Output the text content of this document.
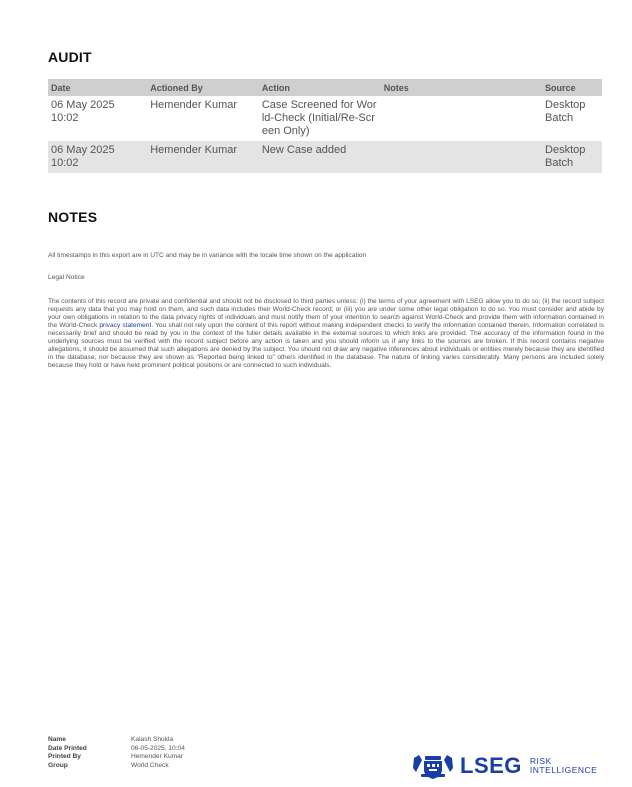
AUDIT
Date	Actioned By	Action	Notes	Source
06 May 2025 10:02	Hemender Kumar	Case Screened for World-Check (Initial/Re-Screen Only)		Desktop Batch
06 May 2025 10:02	Hemender Kumar	New Case added		Desktop Batch
NOTES
All timestamps in this export are in UTC and may be in variance with the locale time shown on the application
Legal Notice
The contents of this record are private and confidential and should not be disclosed to third parties unless: (i) the terms of your agreement with LSEG allow you to do so; (ii) the record subject requests any data that you may hold on them, and such data includes their World-Check record; or (iii) you are under some other legal obligation to do so. You must consider and abide by your own obligations in relation to the data privacy rights of individuals and must notify them of your intention to search against World-Check and provide them with information contained in the World-Check privacy statement. You shall not rely upon the content of this report without making independent checks to verify the information contained therein. Information correlated is necessarily brief and should be read by you in the context of the fuller details available in the external sources to which links are provided. The accuracy of the information found in the underlying sources must be verified with the record subject before any action is taken and you should inform us if any links to the sources are broken. If this record contains negative allegations, it should be assumed that such allegations are denied by the subject. You should not draw any negative inferences about individuals or entities merely because they are identified in the database, nor because they are shown as "Reported being linked to" others identified in the database. The nature of linking varies considerably. Many persons are included solely because they hold or have held prominent political positions or are connected to such individuals.
Name	Kalash Shukla
Date Printed	06-05-2025, 10:04
Printed By	Hemender Kumar
Group	World Check	LSEG RISK
INTELLIGENCE
